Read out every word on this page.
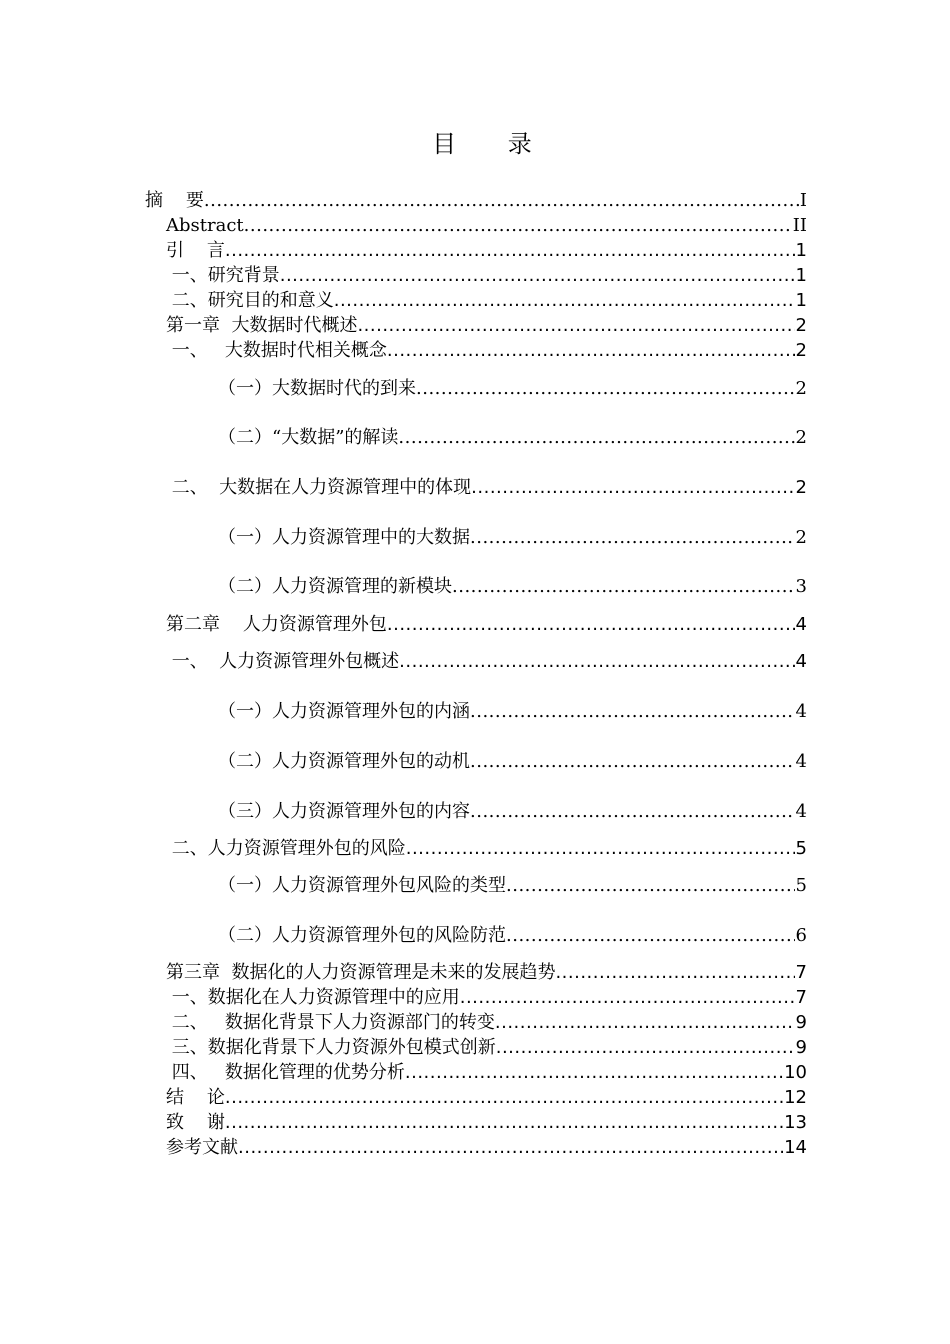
目 录
摘    要 .....	I
Abstract .....	II
引    言 .....	1
一、研究背景 .....	1
二、研究目的和意义 .....	1
第一章  大数据时代概述 .....	2
一、   大数据时代相关概念 .....	2
（一）大数据时代的到来 .....	2
（二）“大数据”的解读 .....	2
二、  大数据在人力资源管理中的体现 .....	2
（一）人力资源管理中的大数据 .....	2
（二）人力资源管理的新模块 .....	3
第二章    人力资源管理外包 .....	4
一、  人力资源管理外包概述 .....	4
（一）人力资源管理外包的内涵 .....	4
（二）人力资源管理外包的动机 .....	4
（三）人力资源管理外包的内容 .....	4
二、人力资源管理外包的风险 .....	5
（一）人力资源管理外包风险的类型 .....	5
（二）人力资源管理外包的风险防范 .....	6
第三章  数据化的人力资源管理是未来的发展趋势 .....	7
一、数据化在人力资源管理中的应用 .....	7
二、   数据化背景下人力资源部门的转变 .....	9
三、数据化背景下人力资源外包模式创新 .....	9
四、   数据化管理的优势分析 .....	10
结    论 .....	12
致    谢 .....	13
参考文献 .....	14
